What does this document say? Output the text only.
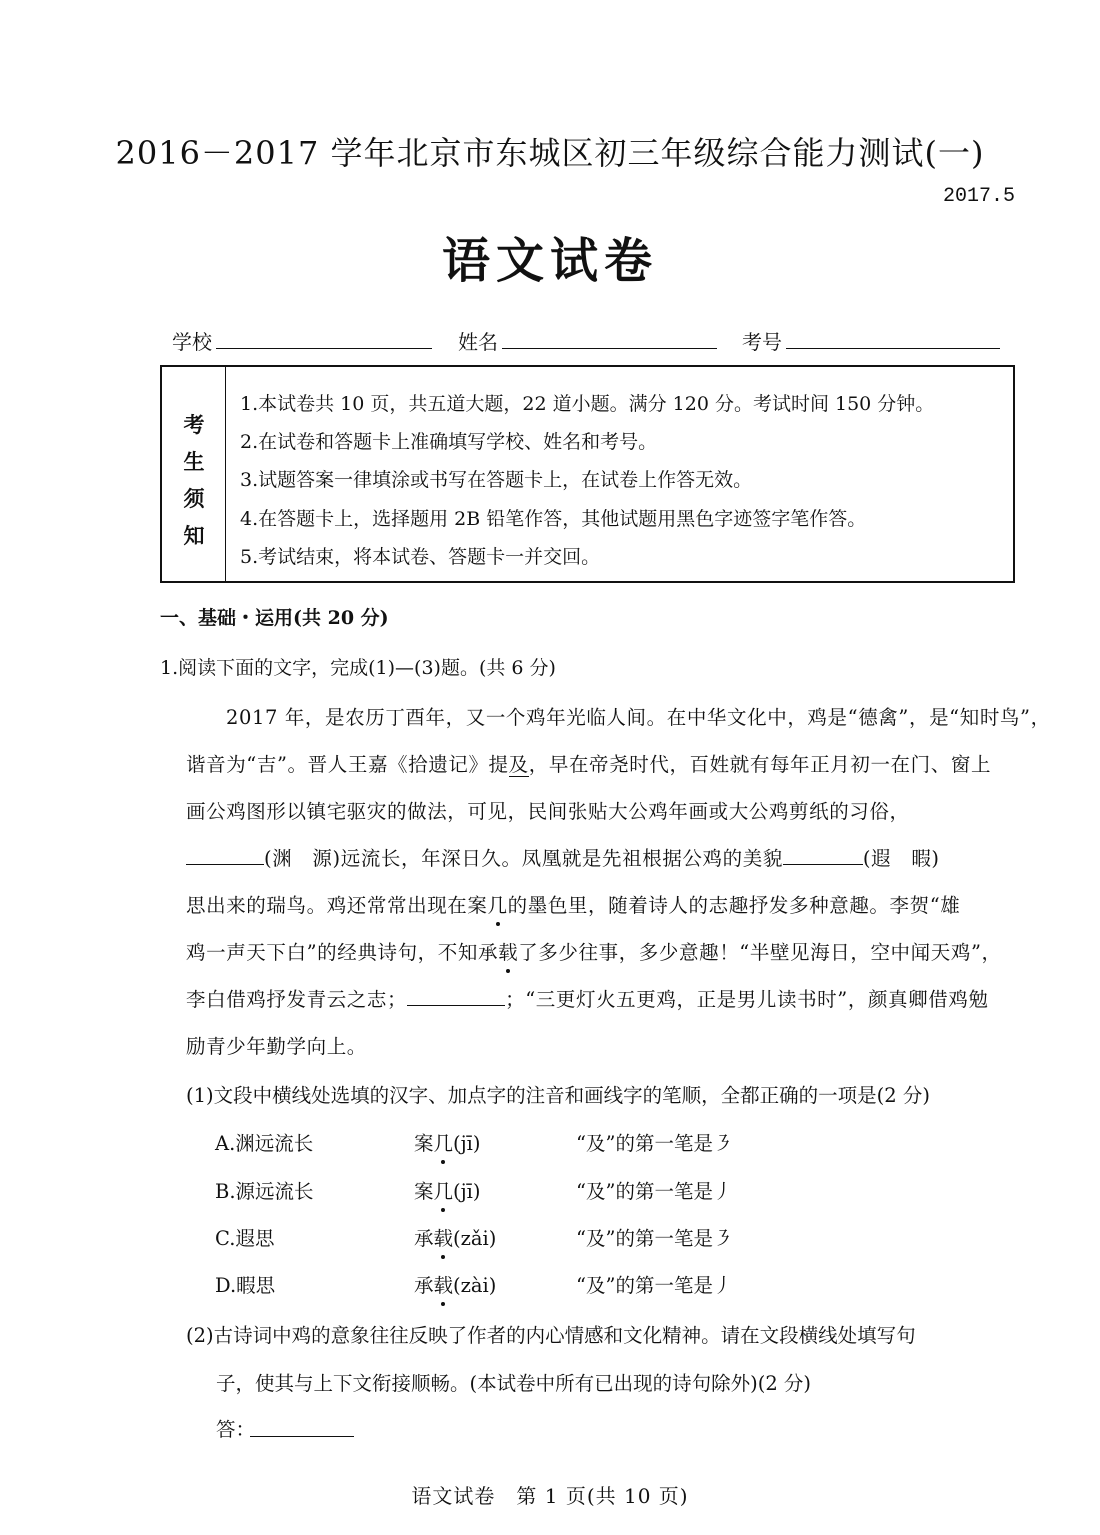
2016－2017 学年北京市东城区初三年级综合能力测试(一)
2017.5
语文试卷
学校	姓名	考号
考
生
须
知
1.本试卷共 10 页，共五道大题，22 道小题。满分 120 分。考试时间 150 分钟。
2.在试卷和答题卡上准确填写学校、姓名和考号。
3.试题答案一律填涂或书写在答题卡上，在试卷上作答无效。
4.在答题卡上，选择题用 2B 铅笔作答，其他试题用黑色字迹签字笔作答。
5.考试结束，将本试卷、答题卡一并交回。
一、基础・运用(共 20 分)
1.阅读下面的文字，完成(1)—(3)题。(共 6 分)
2017 年，是农历丁酉年，又一个鸡年光临人间。在中华文化中，鸡是“德禽”，是“知时鸟”，
谐音为“吉”。晋人王嘉《拾遗记》提及，早在帝尧时代，百姓就有每年正月初一在门、窗上
画公鸡图形以镇宅驱灾的做法，可见，民间张贴大公鸡年画或大公鸡剪纸的习俗，
(渊　源)远流长，年深日久。凤凰就是先祖根据公鸡的美貌	(遐　暇)
思出来的瑞鸟。鸡还常常出现在案几的墨色里，随着诗人的志趣抒发多种意趣。李贺“雄
鸡一声天下白”的经典诗句，不知承载了多少往事，多少意趣！“半壁见海日，空中闻天鸡”，
李白借鸡抒发青云之志；	；“三更灯火五更鸡，正是男儿读书时”，颜真卿借鸡勉
励青少年勤学向上。
(1)文段中横线处选填的汉字、加点字的注音和画线字的笔顺，全都正确的一项是(2 分)
A.渊远流长	案几(jī)	“及”的第一笔是㇋
B.源远流长	案几(jī)	“及”的第一笔是丿
C.遐思	承载(zǎi)	“及”的第一笔是㇋
D.暇思	承载(zài)	“及”的第一笔是丿
(2)古诗词中鸡的意象往往反映了作者的内心情感和文化精神。请在文段横线处填写句
子，使其与上下文衔接顺畅。(本试卷中所有已出现的诗句除外)(2 分)
答：
语文试卷　第 1 页(共 10 页)
